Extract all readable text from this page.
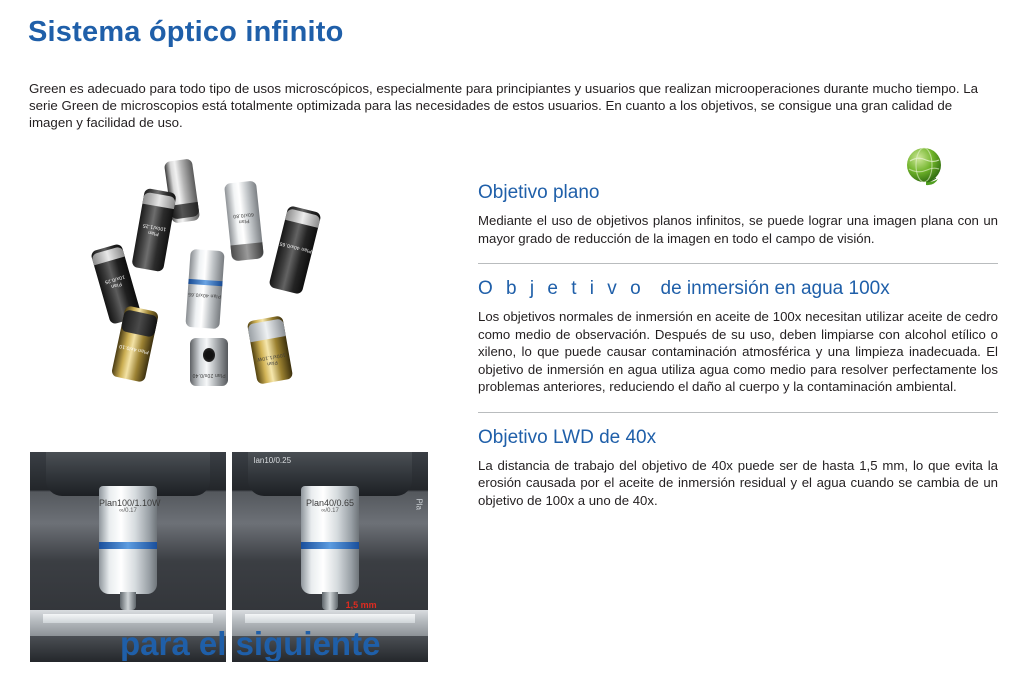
Sistema óptico infinito
Green es adecuado para todo tipo de usos microscópicos, especialmente para principiantes y usuarios que realizan microoperaciones durante mucho tiempo. La serie Green de microscopios está totalmente optimizada para las necesidades de estos usuarios. En cuanto a los objetivos, se consigue una gran calidad de imagen y facilidad de uso.
Plan 100x/1.25
Plan 60x/0.80
Plan 40x/0.65
Plan 10x/0.25
Plan 40x/0.65
Plan 4x/0.10
Plan 20x/0.40
Plan 100x/1.10W
Plan100/1.10W
∞/0.17
lan10/0.25
Pla
Plan40/0.65
∞/0.17
1,5 mm
Objetivo plano

Mediante el uso de objetivos planos infinitos, se puede lograr una imagen plana con un mayor grado de reducción de la imagen en todo el campo de visión.

O b j e t i v o de inmersión en agua 100x

Los objetivos normales de inmersión en aceite de 100x necesitan utilizar aceite de cedro como medio de observación. Después de su uso, deben limpiarse con alcohol etílico o xileno, lo que puede causar contaminación atmosférica y una limpieza inadecuada. El objetivo de inmersión en agua utiliza agua como medio para resolver perfectamente los problemas anteriores, reduciendo el daño al cuerpo y la contaminación ambiental.

Objetivo LWD de 40x

La distancia de trabajo del objetivo de 40x puede ser de hasta 1,5 mm, lo que evita la erosión causada por el aceite de inmersión residual y el agua cuando se cambia de un objetivo de 100x a uno de 40x.

para el siguiente
